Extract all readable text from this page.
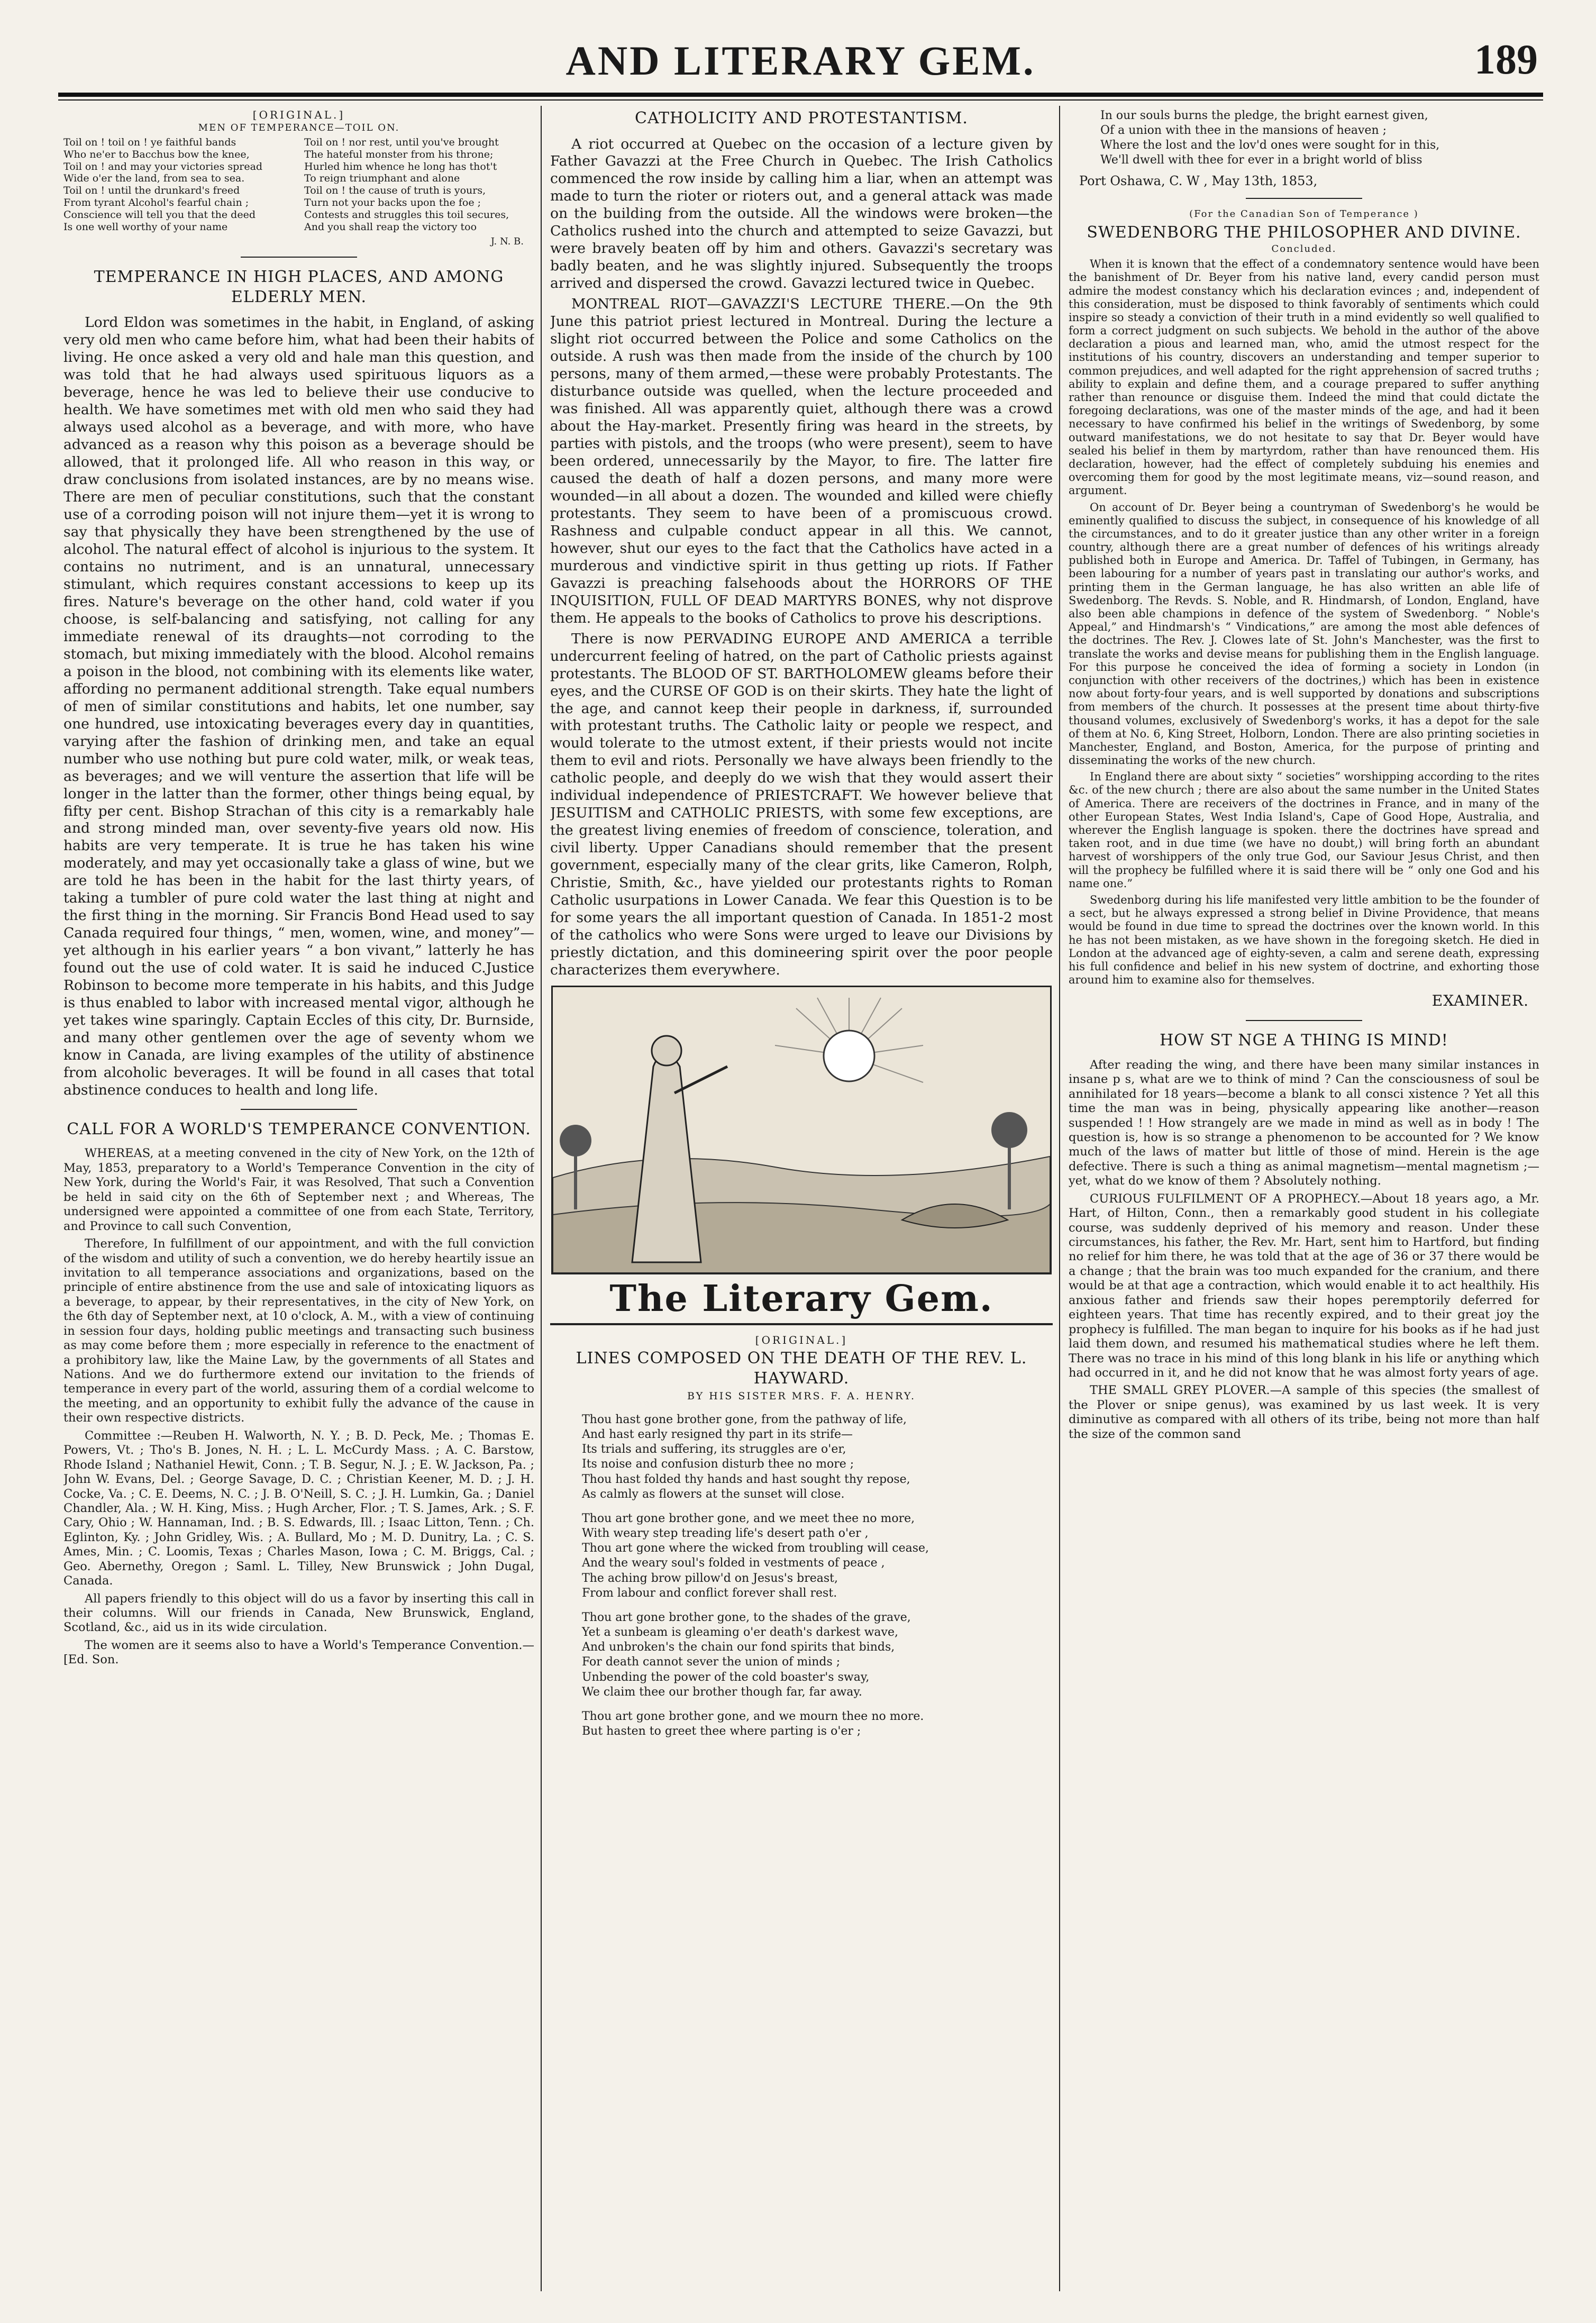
AND LITERARY GEM.	189
[ORIGINAL.]
MEN OF TEMPERANCE—TOIL ON.
Toil on ! toil on ! ye faithful bands	Toil on ! nor rest, until you've brought
Who ne'er to Bacchus bow the knee,	The hateful monster from his throne;
Toil on ! and may your victories spread	Hurled him whence he long has thot't
Wide o'er the land, from sea to sea.	To reign triumphant and alone
Toil on ! until the drunkard's freed	Toil on ! the cause of truth is yours,
From tyrant Alcohol's fearful chain ;	Turn not your backs upon the foe ;
Conscience will tell you that the deed	Contests and struggles this toil secures,
Is one well worthy of your name	And you shall reap the victory too
J. N. B.
TEMPERANCE IN HIGH PLACES, AND AMONG ELDERLY MEN.

Lord Eldon was sometimes in the habit, in England, of asking very old men who came before him, what had been their habits of living. He once asked a very old and hale man this question, and was told that he had always used spirituous liquors as a beverage, hence he was led to believe their use conducive to health. We have sometimes met with old men who said they had always used alcohol as a beverage, and with more, who have advanced as a reason why this poison as a beverage should be allowed, that it prolonged life. All who reason in this way, or draw conclusions from isolated instances, are by no means wise. There are men of peculiar constitutions, such that the constant use of a corroding poison will not injure them—yet it is wrong to say that physically they have been strengthened by the use of alcohol. The natural effect of alcohol is injurious to the system. It contains no nutriment, and is an unnatural, unnecessary stimulant, which requires constant accessions to keep up its fires. Nature's beverage on the other hand, cold water if you choose, is self-balancing and satisfying, not calling for any immediate renewal of its draughts—not corroding to the stomach, but mixing immediately with the blood. Alcohol remains a poison in the blood, not combining with its elements like water, affording no permanent additional strength. Take equal numbers of men of similar constitutions and habits, let one number, say one hundred, use intoxicating beverages every day in quantities, varying after the fashion of drinking men, and take an equal number who use nothing but pure cold water, milk, or weak teas, as beverages; and we will venture the assertion that life will be longer in the latter than the former, other things being equal, by fifty per cent. Bishop Strachan of this city is a remarkably hale and strong minded man, over seventy-five years old now. His habits are very temperate. It is true he has taken his wine moderately, and may yet occasionally take a glass of wine, but we are told he has been in the habit for the last thirty years, of taking a tumbler of pure cold water the last thing at night and the first thing in the morning. Sir Francis Bond Head used to say Canada required four things, “ men, women, wine, and money”—yet although in his earlier years “ a bon vivant,” latterly he has found out the use of cold water. It is said he induced C.Justice Robinson to become more temperate in his habits, and this Judge is thus enabled to labor with increased mental vigor, although he yet takes wine sparingly. Captain Eccles of this city, Dr. Burnside, and many other gentlemen over the age of seventy whom we know in Canada, are living examples of the utility of abstinence from alcoholic beverages. It will be found in all cases that total abstinence conduces to health and long life.

CALL FOR A WORLD'S TEMPERANCE CONVENTION.

WHEREAS, at a meeting convened in the city of New York, on the 12th of May, 1853, preparatory to a World's Temperance Convention in the city of New York, during the World's Fair, it was Resolved, That such a Convention be held in said city on the 6th of September next ; and Whereas, The undersigned were appointed a committee of one from each State, Territory, and Province to call such Convention,

Therefore, In fulfillment of our appointment, and with the full conviction of the wisdom and utility of such a convention, we do hereby heartily issue an invitation to all temperance associations and organizations, based on the principle of entire abstinence from the use and sale of intoxicating liquors as a beverage, to appear, by their representatives, in the city of New York, on the 6th day of September next, at 10 o'clock, A. M., with a view of continuing in session four days, holding public meetings and transacting such business as may come before them ; more especially in reference to the enactment of a prohibitory law, like the Maine Law, by the governments of all States and Nations. And we do furthermore extend our invitation to the friends of temperance in every part of the world, assuring them of a cordial welcome to the meeting, and an opportunity to exhibit fully the advance of the cause in their own respective districts.

Committee :—Reuben H. Walworth, N. Y. ; B. D. Peck, Me. ; Thomas E. Powers, Vt. ; Tho's B. Jones, N. H. ; L. L. McCurdy Mass. ; A. C. Barstow, Rhode Island ; Nathaniel Hewit, Conn. ; T. B. Segur, N. J. ; E. W. Jackson, Pa. ; John W. Evans, Del. ; George Savage, D. C. ; Christian Keener, M. D. ; J. H. Cocke, Va. ; C. E. Deems, N. C. ; J. B. O'Neill, S. C. ; J. H. Lumkin, Ga. ; Daniel Chandler, Ala. ; W. H. King, Miss. ; Hugh Archer, Flor. ; T. S. James, Ark. ; S. F. Cary, Ohio ; W. Hannaman, Ind. ; B. S. Edwards, Ill. ; Isaac Litton, Tenn. ; Ch. Eglinton, Ky. ; John Gridley, Wis. ; A. Bullard, Mo ; M. D. Dunitry, La. ; C. S. Ames, Min. ; C. Loomis, Texas ; Charles Mason, Iowa ; C. M. Briggs, Cal. ; Geo. Abernethy, Oregon ; Saml. L. Tilley, New Brunswick ; John Dugal, Canada.

All papers friendly to this object will do us a favor by inserting this call in their columns. Will our friends in Canada, New Brunswick, England, Scotland, &c., aid us in its wide circulation.

The women are it seems also to have a World's Temperance Convention.—[Ed. Son.

CATHOLICITY AND PROTESTANTISM.

A riot occurred at Quebec on the occasion of a lecture given by Father Gavazzi at the Free Church in Quebec. The Irish Catholics commenced the row inside by calling him a liar, when an attempt was made to turn the rioter or rioters out, and a general attack was made on the building from the outside. All the windows were broken—the Catholics rushed into the church and attempted to seize Gavazzi, but were bravely beaten off by him and others. Gavazzi's secretary was badly beaten, and he was slightly injured. Subsequently the troops arrived and dispersed the crowd. Gavazzi lectured twice in Quebec.

MONTREAL RIOT—GAVAZZI'S LECTURE THERE.—On the 9th June this patriot priest lectured in Montreal. During the lecture a slight riot occurred between the Police and some Catholics on the outside. A rush was then made from the inside of the church by 100 persons, many of them armed,—these were probably Protestants. The disturbance outside was quelled, when the lecture proceeded and was finished. All was apparently quiet, although there was a crowd about the Hay-market. Presently firing was heard in the streets, by parties with pistols, and the troops (who were present), seem to have been ordered, unnecessarily by the Mayor, to fire. The latter fire caused the death of half a dozen persons, and many more were wounded—in all about a dozen. The wounded and killed were chiefly protestants. They seem to have been of a promiscuous crowd. Rashness and culpable conduct appear in all this. We cannot, however, shut our eyes to the fact that the Catholics have acted in a murderous and vindictive spirit in thus getting up riots. If Father Gavazzi is preaching falsehoods about the HORRORS OF THE INQUISITION, FULL OF DEAD MARTYRS BONES, why not disprove them. He appeals to the books of Catholics to prove his descriptions.

There is now PERVADING EUROPE AND AMERICA a terrible undercurrent feeling of hatred, on the part of Catholic priests against protestants. The BLOOD OF ST. BARTHOLOMEW gleams before their eyes, and the CURSE OF GOD is on their skirts. They hate the light of the age, and cannot keep their people in darkness, if, surrounded with protestant truths. The Catholic laity or people we respect, and would tolerate to the utmost extent, if their priests would not incite them to evil and riots. Personally we have always been friendly to the catholic people, and deeply do we wish that they would assert their individual independence of PRIESTCRAFT. We however believe that JESUITISM and CATHOLIC PRIESTS, with some few exceptions, are the greatest living enemies of freedom of conscience, toleration, and civil liberty. Upper Canadians should remember that the present government, especially many of the clear grits, like Cameron, Rolph, Christie, Smith, &c., have yielded our protestants rights to Roman Catholic usurpations in Lower Canada. We fear this Question is to be for some years the all important question of Canada. In 1851-2 most of the catholics who were Sons were urged to leave our Divisions by priestly dictation, and this domineering spirit over the poor people characterizes them everywhere.

The Literary Gem.
[ORIGINAL.]
LINES COMPOSED ON THE DEATH OF THE REV. L. HAYWARD.
BY HIS SISTER MRS. F. A. HENRY.
Thou hast gone brother gone, from the pathway of life,
And hast early resigned thy part in its strife—
Its trials and suffering, its struggles are o'er,
Its noise and confusion disturb thee no more ;
Thou hast folded thy hands and hast sought thy repose,
As calmly as flowers at the sunset will close.
Thou art gone brother gone, and we meet thee no more,
With weary step treading life's desert path o'er ,
Thou art gone where the wicked from troubling will cease,
And the weary soul's folded in vestments of peace ,
The aching brow pillow'd on Jesus's breast,
From labour and conflict forever shall rest.
Thou art gone brother gone, to the shades of the grave,
Yet a sunbeam is gleaming o'er death's darkest wave,
And unbroken's the chain our fond spirits that binds,
For death cannot sever the union of minds ;
Unbending the power of the cold boaster's sway,
We claim thee our brother though far, far away.
Thou art gone brother gone, and we mourn thee no more.
But hasten to greet thee where parting is o'er ;
In our souls burns the pledge, the bright earnest given,
Of a union with thee in the mansions of heaven ;
Where the lost and the lov'd ones were sought for in this,
We'll dwell with thee for ever in a bright world of bliss
Port Oshawa, C. W , May 13th, 1853,
(For the Canadian Son of Temperance )
SWEDENBORG THE PHILOSOPHER AND DIVINE.
Concluded.

When it is known that the effect of a condemnatory sentence would have been the banishment of Dr. Beyer from his native land, every candid person must admire the modest constancy which his declaration evinces ; and, independent of this consideration, must be disposed to think favorably of sentiments which could inspire so steady a conviction of their truth in a mind evidently so well qualified to form a correct judgment on such subjects. We behold in the author of the above declaration a pious and learned man, who, amid the utmost respect for the institutions of his country, discovers an understanding and temper superior to common prejudices, and well adapted for the right apprehension of sacred truths ; ability to explain and define them, and a courage prepared to suffer anything rather than renounce or disguise them. Indeed the mind that could dictate the foregoing declarations, was one of the master minds of the age, and had it been necessary to have confirmed his belief in the writings of Swedenborg, by some outward manifestations, we do not hesitate to say that Dr. Beyer would have sealed his belief in them by martyrdom, rather than have renounced them. His declaration, however, had the effect of completely subduing his enemies and overcoming them for good by the most legitimate means, viz—sound reason, and argument.

On account of Dr. Beyer being a countryman of Swedenborg's he would be eminently qualified to discuss the subject, in consequence of his knowledge of all the circumstances, and to do it greater justice than any other writer in a foreign country, although there are a great number of defences of his writings already published both in Europe and America. Dr. Taffel of Tubingen, in Germany, has been labouring for a number of years past in translating our author's works, and printing them in the German language, he has also written an able life of Swedenborg. The Revds. S. Noble, and R. Hindmarsh, of London, England, have also been able champions in defence of the system of Swedenborg. “ Noble's Appeal,” and Hindmarsh's “ Vindications,” are among the most able defences of the doctrines. The Rev. J. Clowes late of St. John's Manchester, was the first to translate the works and devise means for publishing them in the English language. For this purpose he conceived the idea of forming a society in London (in conjunction with other receivers of the doctrines,) which has been in existence now about forty-four years, and is well supported by donations and subscriptions from members of the church. It possesses at the present time about thirty-five thousand volumes, exclusively of Swedenborg's works, it has a depot for the sale of them at No. 6, King Street, Holborn, London. There are also printing societies in Manchester, England, and Boston, America, for the purpose of printing and disseminating the works of the new church.

In England there are about sixty “ societies” worshipping according to the rites &c. of the new church ; there are also about the same number in the United States of America. There are receivers of the doctrines in France, and in many of the other European States, West India Island's, Cape of Good Hope, Australia, and wherever the English language is spoken. there the doctrines have spread and taken root, and in due time (we have no doubt,) will bring forth an abundant harvest of worshippers of the only true God, our Saviour Jesus Christ, and then will the prophecy be fulfilled where it is said there will be “ only one God and his name one.”

Swedenborg during his life manifested very little ambition to be the founder of a sect, but he always expressed a strong belief in Divine Providence, that means would be found in due time to spread the doctrines over the known world. In this he has not been mistaken, as we have shown in the foregoing sketch. He died in London at the advanced age of eighty-seven, a calm and serene death, expressing his full confidence and belief in his new system of doctrine, and exhorting those around him to examine also for themselves.

EXAMINER.
HOW ST NGE A THING IS MIND!

After reading the wing, and there have been many similar instances in insane p s, what are we to think of mind ? Can the consciousness of soul be annihilated for 18 years—become a blank to all consci xistence ? Yet all this time the man was in being, physically appearing like another—reason suspended ! ! How strangely are we made in mind as well as in body ! The question is, how is so strange a phenomenon to be accounted for ? We know much of the laws of matter but little of those of mind. Herein is the age defective. There is such a thing as animal magnetism—mental magnetism ;—yet, what do we know of them ? Absolutely nothing.

CURIOUS FULFILMENT OF A PROPHECY.—About 18 years ago, a Mr. Hart, of Hilton, Conn., then a remarkably good student in his collegiate course, was suddenly deprived of his memory and reason. Under these circumstances, his father, the Rev. Mr. Hart, sent him to Hartford, but finding no relief for him there, he was told that at the age of 36 or 37 there would be a change ; that the brain was too much expanded for the cranium, and there would be at that age a contraction, which would enable it to act healthily. His anxious father and friends saw their hopes peremptorily deferred for eighteen years. That time has recently expired, and to their great joy the prophecy is fulfilled. The man began to inquire for his books as if he had just laid them down, and resumed his mathematical studies where he left them. There was no trace in his mind of this long blank in his life or anything which had occurred in it, and he did not know that he was almost forty years of age.

THE SMALL GREY PLOVER.—A sample of this species (the smallest of the Plover or snipe genus), was examined by us last week. It is very diminutive as compared with all others of its tribe, being not more than half the size of the common sand
